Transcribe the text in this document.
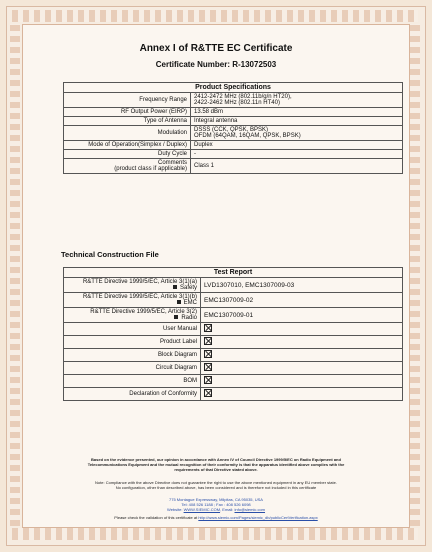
Annex I of R&TTE EC Certificate
Certificate Number: R-13072503
Product Specifications	
Frequency Range	2412-2472 MHz (802.11b/g/n HT20),
2422-2462 MHz (802.11n HT40)

RF Output Power (EIRP)	13.58 dBm
Type of Antenna	Integral antenna
Modulation	DSSS (CCK, QPSK, BPSK)
OFDM (64QAM, 16QAM, QPSK, BPSK)

Mode of Operation(Simplex / Duplex)	Duplex
Duty Cycle	-

Comments
(product class if applicable)	Class 1
Technical Construction File
Test Report	

R&TTE Directive 1999/5/EC, Article 3(1)(a)
Safety	LVD1307010, EMC1307009-03

R&TTE Directive 1999/5/EC, Article 3(1)(b)
EMC	EMC1307009-02

R&TTE Directive 1999/5/EC, Article 3(2)
Radio	EMC1307009-01
User Manual	
Product Label	
Block Diagram	
Circuit Diagram	
BOM	
Declaration of Conformity	
Based on the evidence presented, our opinion in accordance with Annex IV of Council Directive 1999/5/EC on Radio Equipment and
Telecommunications Equipment and the mutual recognition of their conformity is that the apparatus identified above complies with the
requirements of that Directive stated above.
Note: Compliance with the above Directive does not guarantee the right to use the above mentioned equipment in any EU member state.
No configuration, other than described above, has been considered and is therefore not included in this certificate
775 Montague Expressway, Milpitas, CA 95035, USA
Tel: 408 526 1188 ; Fax : 408 526 6098
Website: WWW.SIEMIC.COM, Email: info@siemic.com
Please check the validation of this certificate at http://www.siemic.com/Pages/siemic_db/publicCertVerification.aspx
